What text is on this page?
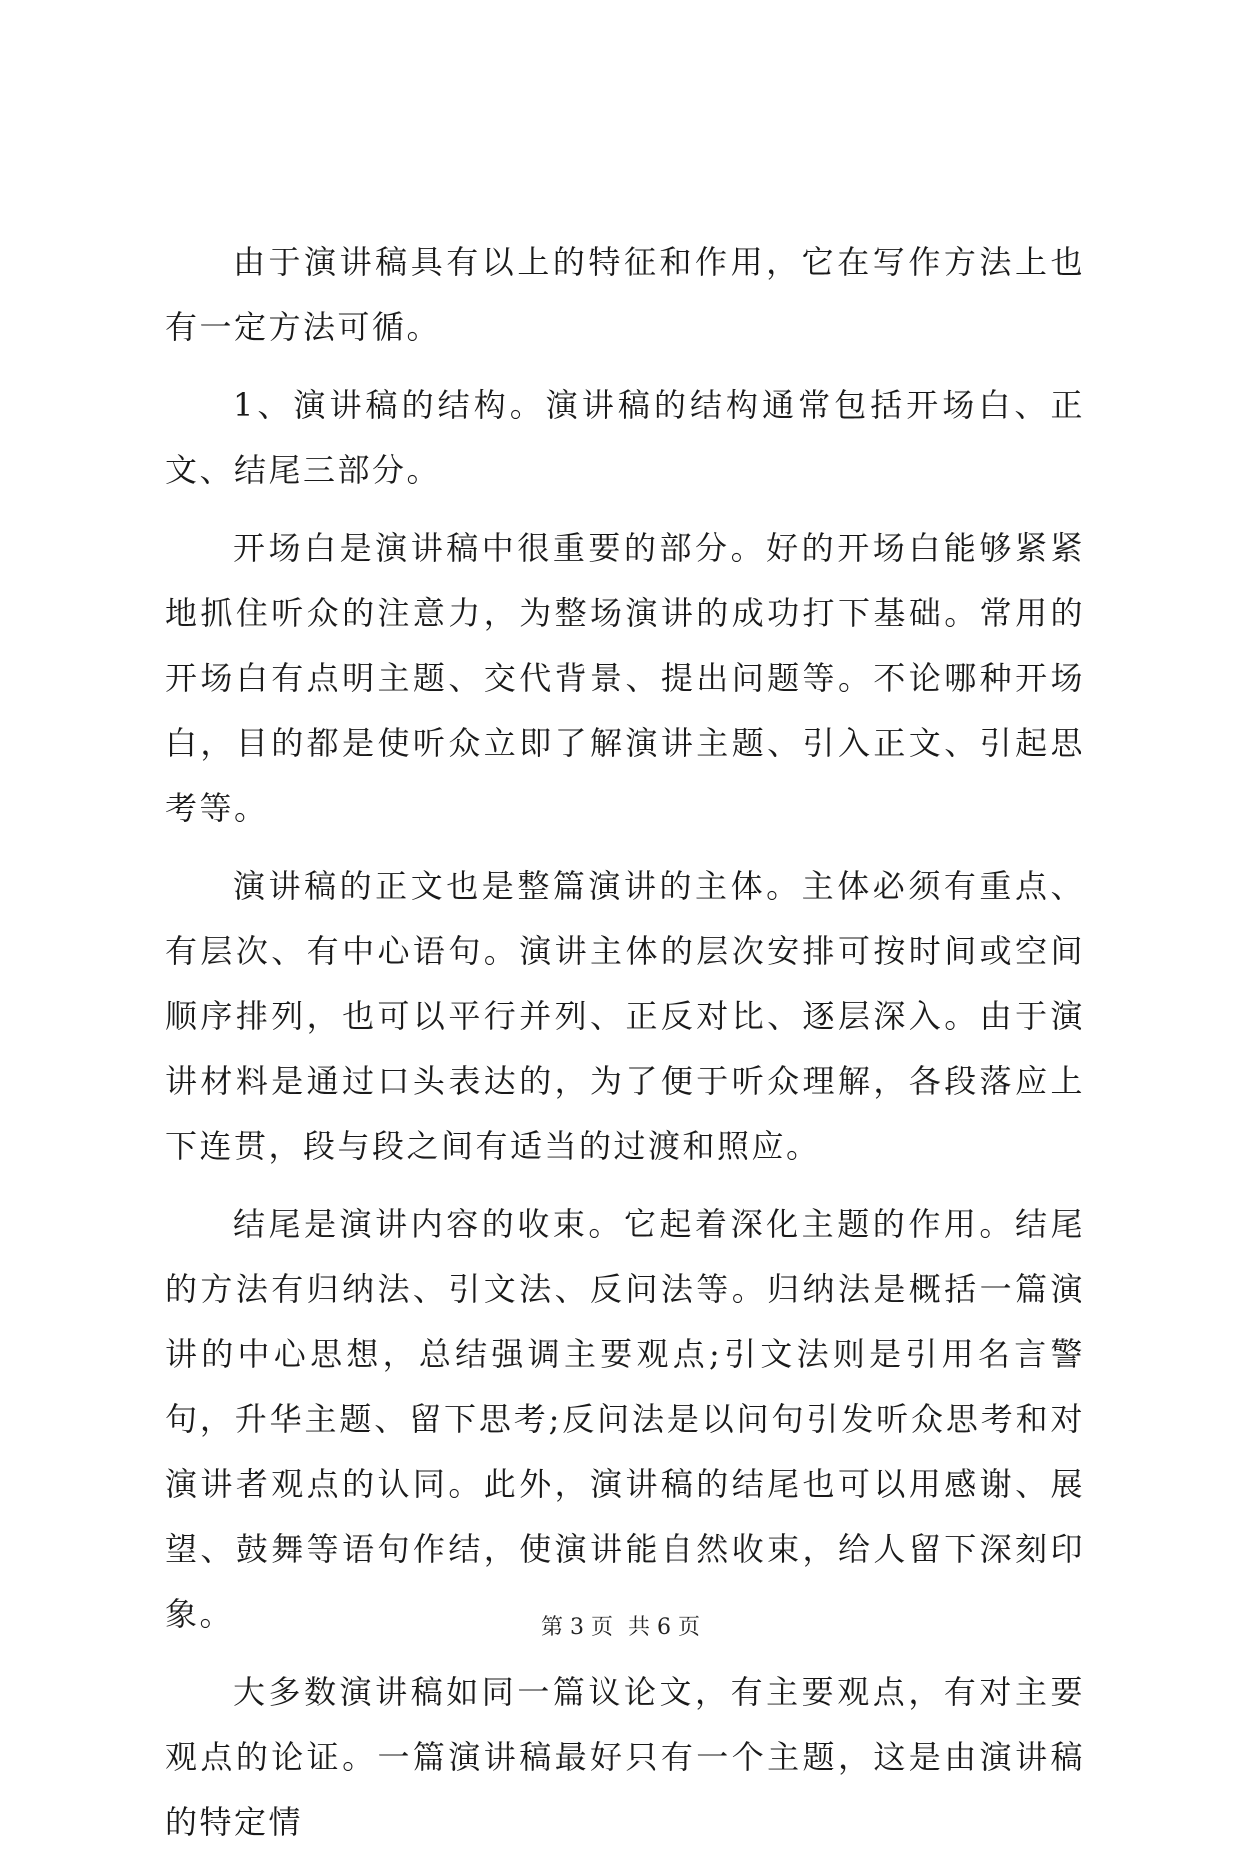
由于演讲稿具有以上的特征和作用，它在写作方法上也有一定方法可循。

1、演讲稿的结构。演讲稿的结构通常包括开场白、正文、结尾三部分。

开场白是演讲稿中很重要的部分。好的开场白能够紧紧地抓住听众的注意力，为整场演讲的成功打下基础。常用的开场白有点明主题、交代背景、提出问题等。不论哪种开场白，目的都是使听众立即了解演讲主题、引入正文、引起思考等。

演讲稿的正文也是整篇演讲的主体。主体必须有重点、有层次、有中心语句。演讲主体的层次安排可按时间或空间顺序排列，也可以平行并列、正反对比、逐层深入。由于演讲材料是通过口头表达的，为了便于听众理解，各段落应上下连贯，段与段之间有适当的过渡和照应。

结尾是演讲内容的收束。它起着深化主题的作用。结尾的方法有归纳法、引文法、反问法等。归纳法是概括一篇演讲的中心思想，总结强调主要观点;引文法则是引用名言警句，升华主题、留下思考;反问法是以问句引发听众思考和对演讲者观点的认同。此外，演讲稿的结尾也可以用感谢、展望、鼓舞等语句作结，使演讲能自然收束，给人留下深刻印象。

大多数演讲稿如同一篇议论文，有主要观点，有对主要观点的论证。一篇演讲稿最好只有一个主题，这是由演讲稿的特定情

第 3 页 共 6 页
